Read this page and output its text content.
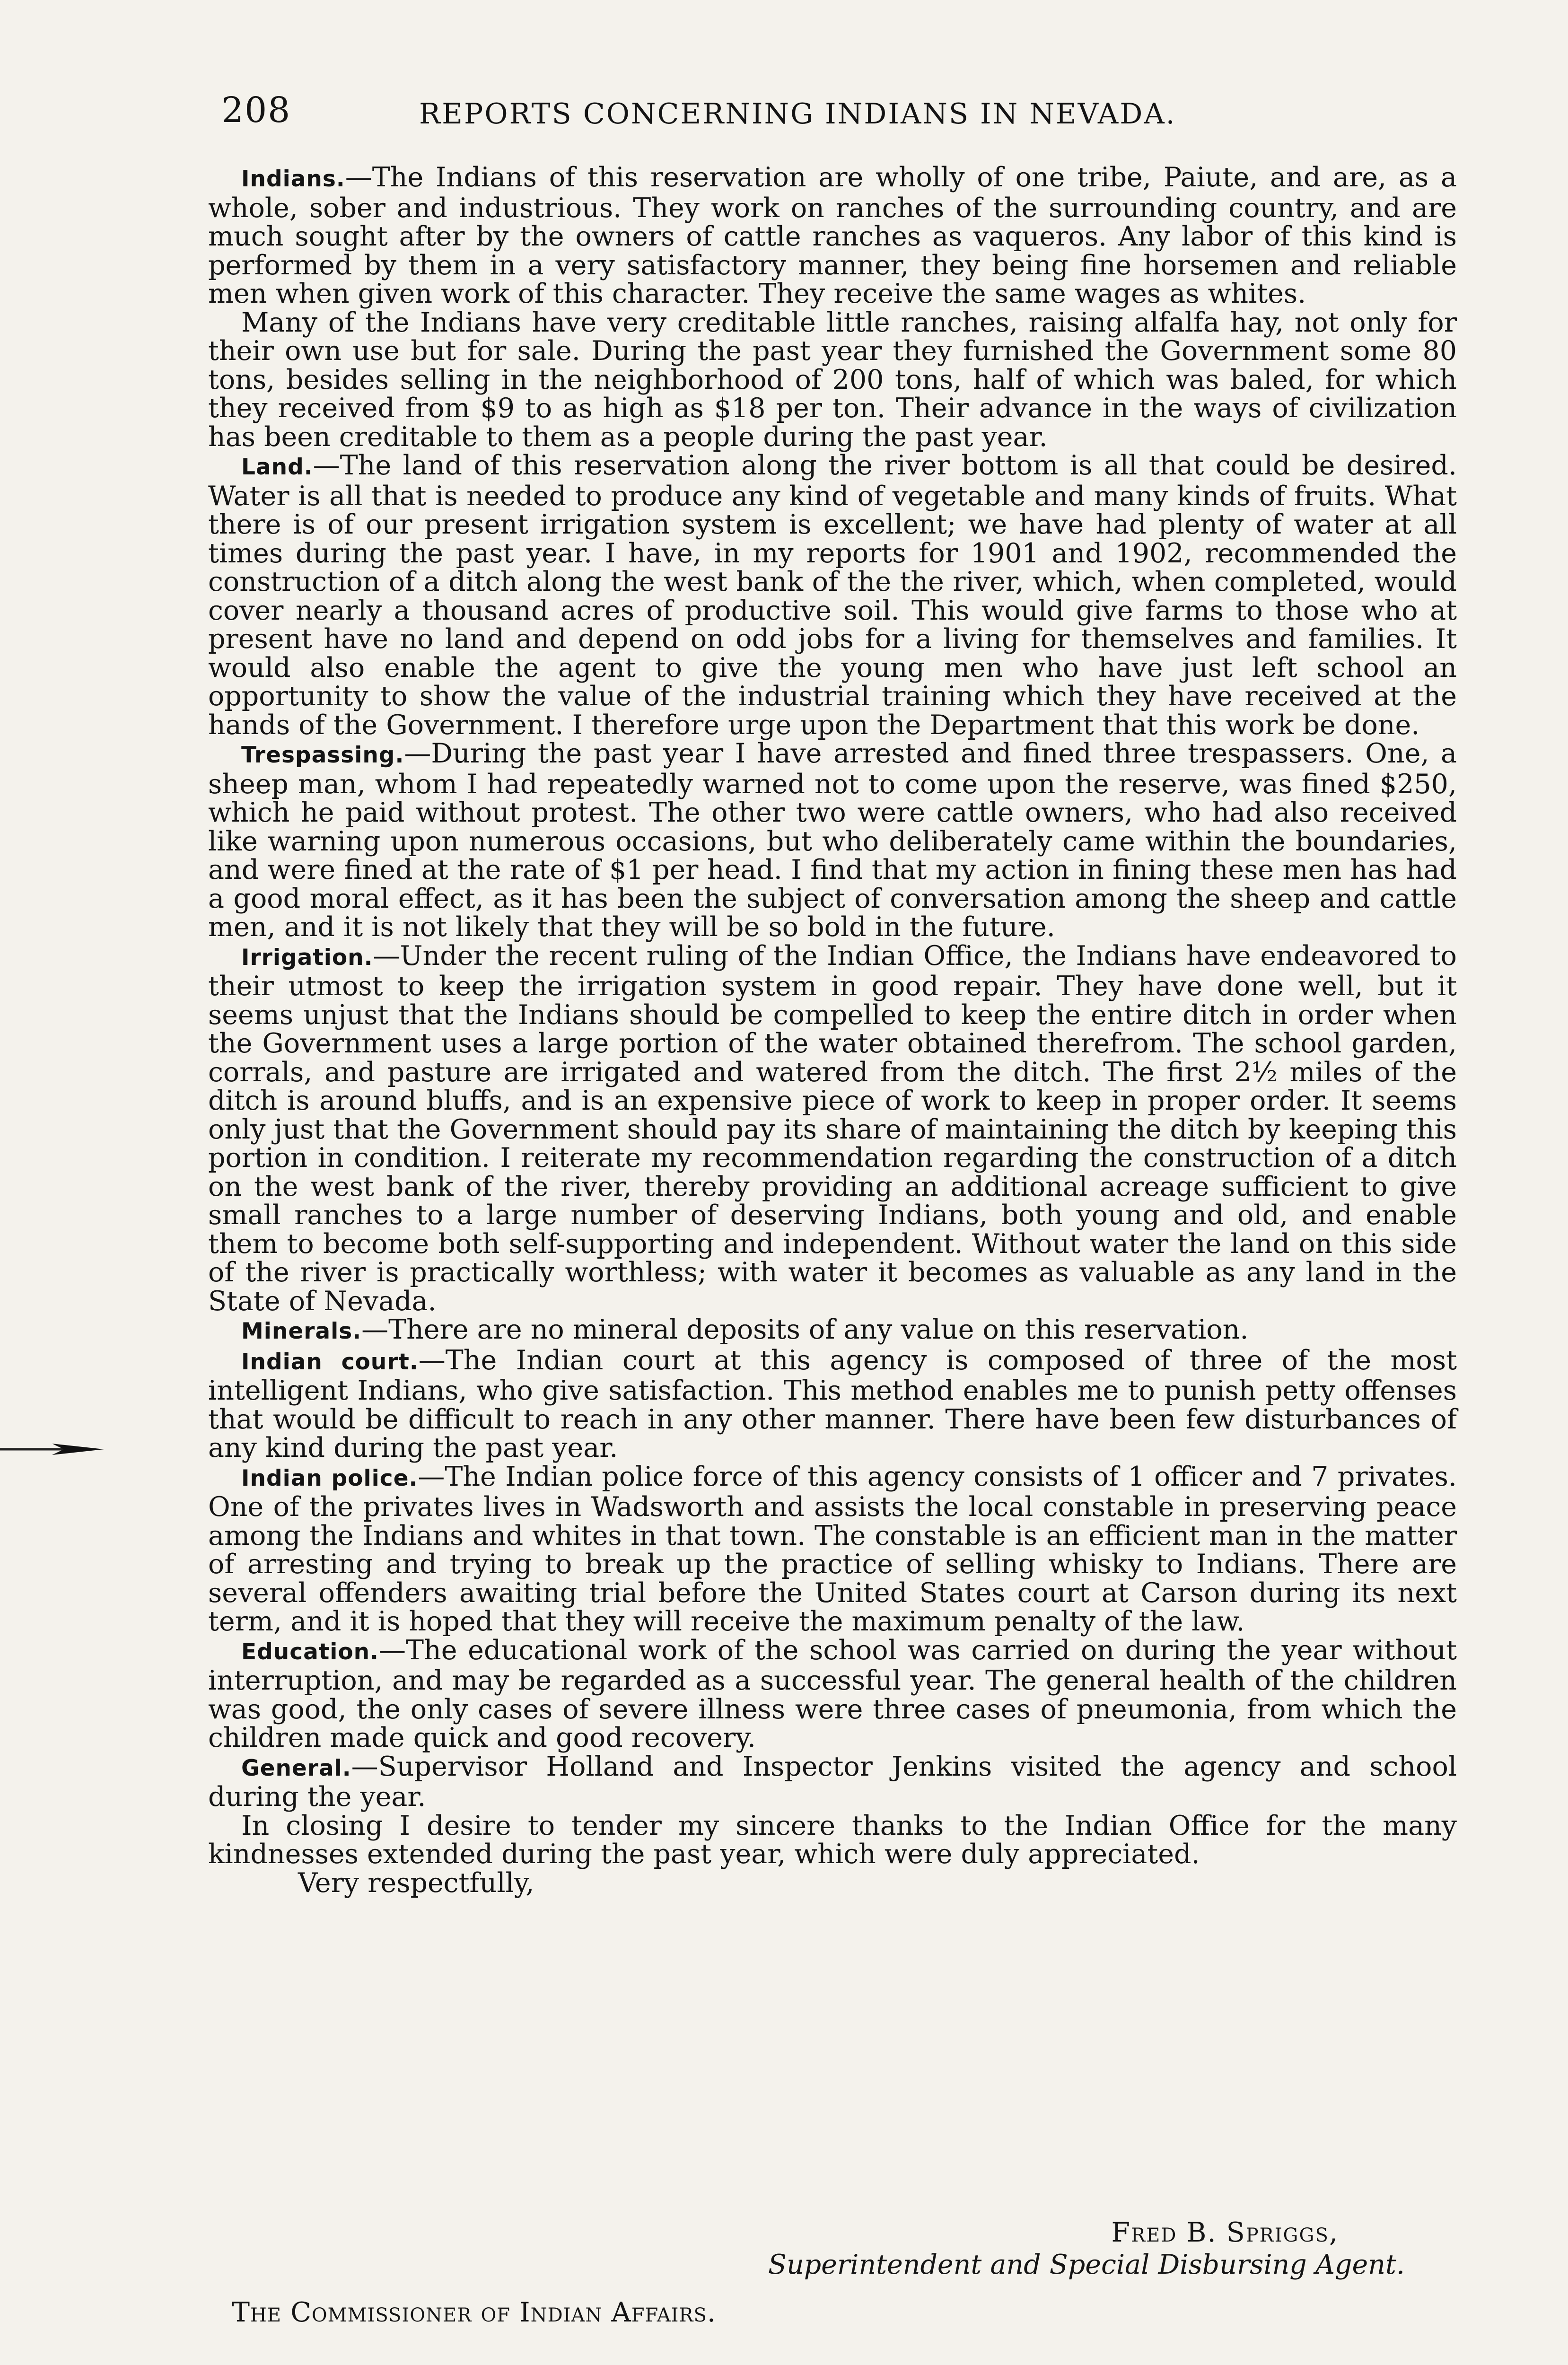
208	REPORTS CONCERNING INDIANS IN NEVADA.

Indians.—The Indians of this reservation are wholly of one tribe, Paiute, and are, as a whole, sober and industrious. They work on ranches of the surrounding country, and are much sought after by the owners of cattle ranches as vaqueros. Any labor of this kind is performed by them in a very satisfactory manner, they being fine horsemen and reliable men when given work of this character. They receive the same wages as whites.

Many of the Indians have very creditable little ranches, raising alfalfa hay, not only for their own use but for sale. During the past year they furnished the Government some 80 tons, besides selling in the neighborhood of 200 tons, half of which was baled, for which they received from $9 to as high as $18 per ton. Their advance in the ways of civilization has been creditable to them as a people during the past year.

Land.—The land of this reservation along the river bottom is all that could be desired. Water is all that is needed to produce any kind of vegetable and many kinds of fruits. What there is of our present irrigation system is excellent; we have had plenty of water at all times during the past year. I have, in my reports for 1901 and 1902, recommended the construction of a ditch along the west bank of the the river, which, when completed, would cover nearly a thousand acres of productive soil. This would give farms to those who at present have no land and depend on odd jobs for a living for themselves and families. It would also enable the agent to give the young men who have just left school an opportunity to show the value of the industrial training which they have received at the hands of the Government. I therefore urge upon the Department that this work be done.

Trespassing.—During the past year I have arrested and fined three trespassers. One, a sheep man, whom I had repeatedly warned not to come upon the reserve, was fined $250, which he paid without protest. The other two were cattle owners, who had also received like warning upon numerous occasions, but who deliberately came within the boundaries, and were fined at the rate of $1 per head. I find that my action in fining these men has had a good moral effect, as it has been the subject of conversation among the sheep and cattle men, and it is not likely that they will be so bold in the future.

Irrigation.—Under the recent ruling of the Indian Office, the Indians have endeavored to their utmost to keep the irrigation system in good repair. They have done well, but it seems unjust that the Indians should be compelled to keep the entire ditch in order when the Government uses a large portion of the water obtained therefrom. The school garden, corrals, and pasture are irrigated and watered from the ditch. The first 2½ miles of the ditch is around bluffs, and is an expensive piece of work to keep in proper order. It seems only just that the Government should pay its share of maintaining the ditch by keeping this portion in condition. I reiterate my recommendation regarding the construction of a ditch on the west bank of the river, thereby providing an additional acreage sufficient to give small ranches to a large number of deserving Indians, both young and old, and enable them to become both self-supporting and independent. Without water the land on this side of the river is practically worthless; with water it becomes as valuable as any land in the State of Nevada.

Minerals.—There are no mineral deposits of any value on this reservation.

Indian court.—The Indian court at this agency is composed of three of the most intelligent Indians, who give satisfaction. This method enables me to punish petty offenses that would be difficult to reach in any other manner. There have been few disturbances of any kind during the past year.

Indian police.—The Indian police force of this agency consists of 1 officer and 7 privates. One of the privates lives in Wadsworth and assists the local constable in preserving peace among the Indians and whites in that town. The constable is an efficient man in the matter of arresting and trying to break up the practice of selling whisky to Indians. There are several offenders awaiting trial before the United States court at Carson during its next term, and it is hoped that they will receive the maximum penalty of the law.

Education.—The educational work of the school was carried on during the year without interruption, and may be regarded as a successful year. The general health of the children was good, the only cases of severe illness were three cases of pneumonia, from which the children made quick and good recovery.

General.—Supervisor Holland and Inspector Jenkins visited the agency and school during the year.

In closing I desire to tender my sincere thanks to the Indian Office for the many kindnesses extended during the past year, which were duly appreciated.

Very respectfully,

Fred B. Spriggs,
Superintendent and Special Disbursing Agent.
The Commissioner of Indian Affairs.
